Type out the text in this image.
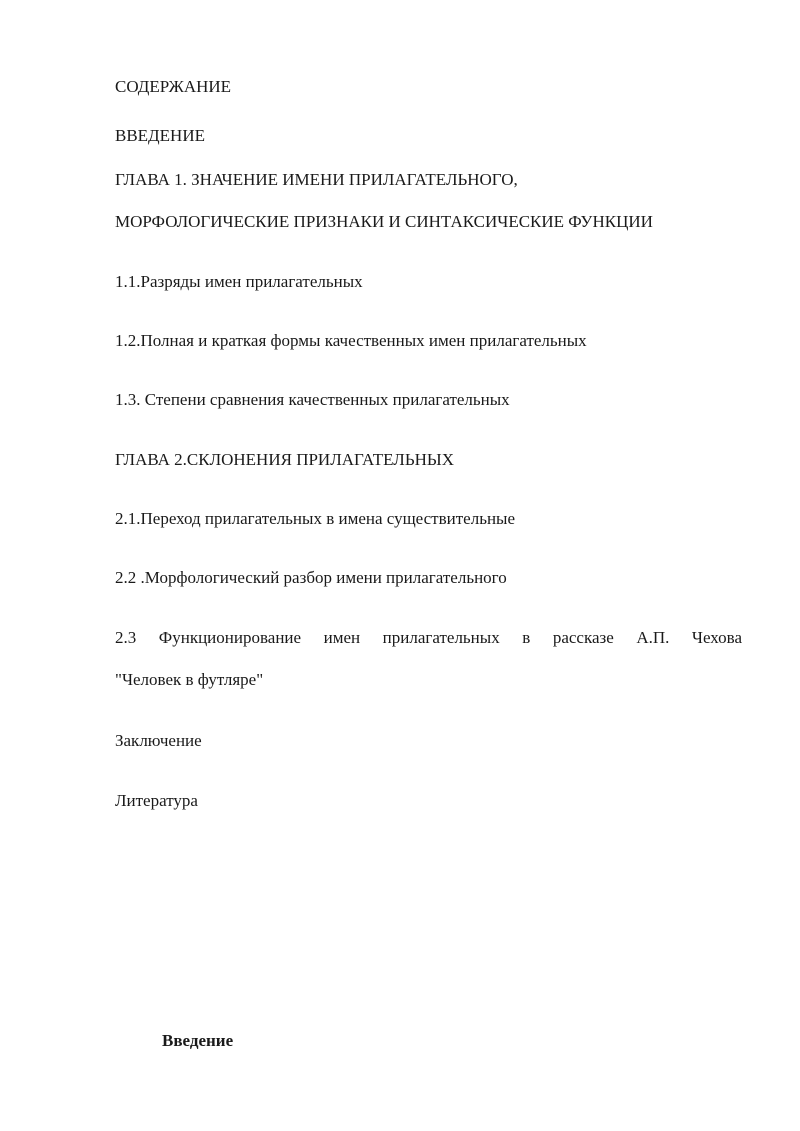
СОДЕРЖАНИЕ
ВВЕДЕНИЕ
ГЛАВА 1. ЗНАЧЕНИЕ ИМЕНИ ПРИЛАГАТЕЛЬНОГО,
МОРФОЛОГИЧЕСКИЕ ПРИЗНАКИ И СИНТАКСИЧЕСКИЕ ФУНКЦИИ
1.1.Разряды имен прилагательных
1.2.Полная и краткая формы качественных имен прилагательных
1.3. Степени сравнения качественных прилагательных
ГЛАВА 2.СКЛОНЕНИЯ ПРИЛАГАТЕЛЬНЫХ
2.1.Переход прилагательных в имена существительные
2.2 .Морфологический разбор имени прилагательного
2.3 Функционирование имен прилагательных в рассказе А.П. Чехова
"Человек в футляре"
Заключение
Литература
Введение
